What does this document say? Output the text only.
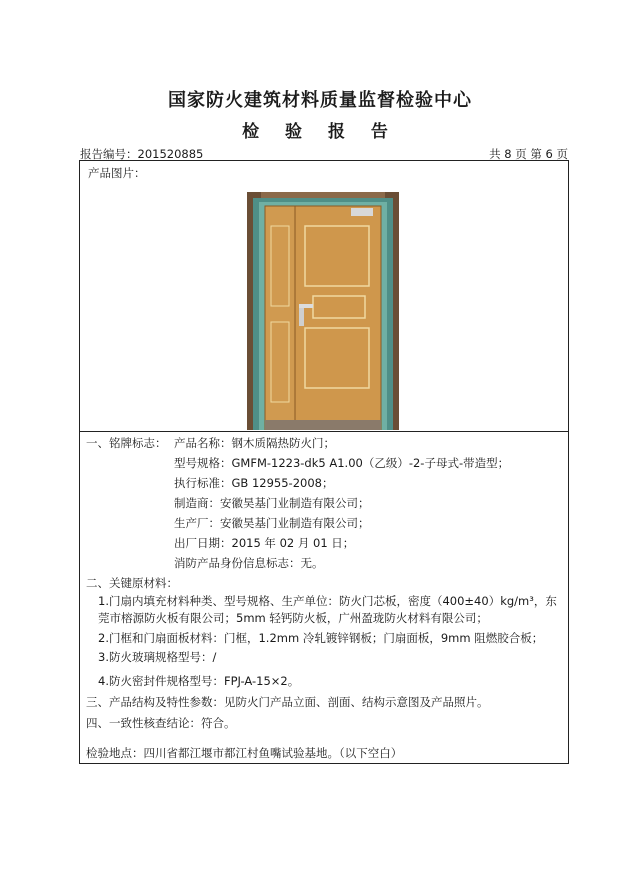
国家防火建筑材料质量监督检验中心
检 验 报 告
报告编号：201520885	共 8 页 第 6 页
产品图片：
一、铭牌标志： 产品名称：钢木质隔热防火门；
型号规格：GMFM-1223-dk5 A1.00（乙级）-2-子母式-带造型；
执行标准：GB 12955-2008；
制造商：安徽昊基门业制造有限公司；
生产厂：安徽昊基门业制造有限公司；
出厂日期：2015 年 02 月 01 日；
消防产品身份信息标志：无。
二、关键原材料：
1.门扇内填充材料种类、型号规格、生产单位：防火门芯板，密度（400±40）kg/m³，东莞市榕源防火板有限公司；5mm 轻钙防火板，广州盈珑防火材料有限公司；
2.门框和门扇面板材料：门框，1.2mm 冷轧镀锌钢板；门扇面板，9mm 阻燃胶合板；
3.防火玻璃规格型号：/
4.防火密封件规格型号：FPJ-A-15×2。
三、产品结构及特性参数：见防火门产品立面、剖面、结构示意图及产品照片。
四、一致性核查结论：符合。
检验地点：四川省都江堰市都江村鱼嘴试验基地。（以下空白）
